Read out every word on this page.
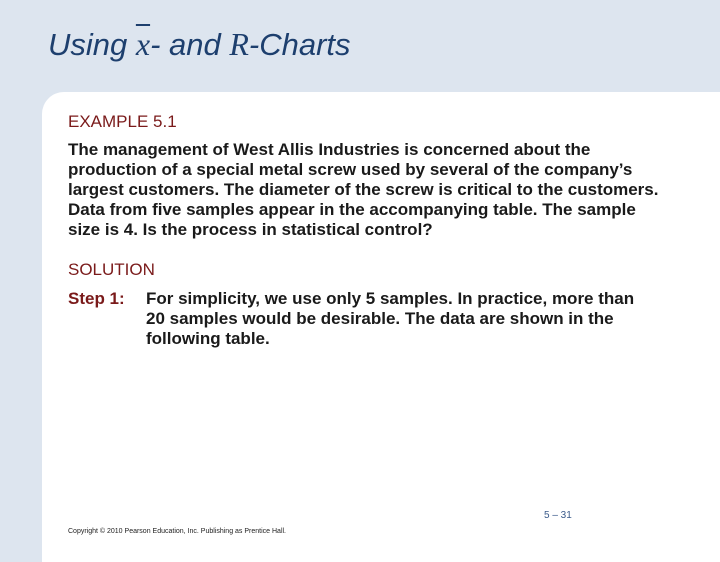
Using x- and R-Charts

EXAMPLE 5.1

The management of West Allis Industries is concerned about the production of a special metal screw used by several of the company’s largest customers. The diameter of the screw is critical to the customers. Data from five samples appear in the accompanying table. The sample size is 4. Is the process in statistical control?

SOLUTION

Step 1:	For simplicity, we use only 5 samples. In practice, more than 20 samples would be desirable. The data are shown in the following table.
5 – 31
Copyright © 2010 Pearson Education, Inc. Publishing as Prentice Hall.
